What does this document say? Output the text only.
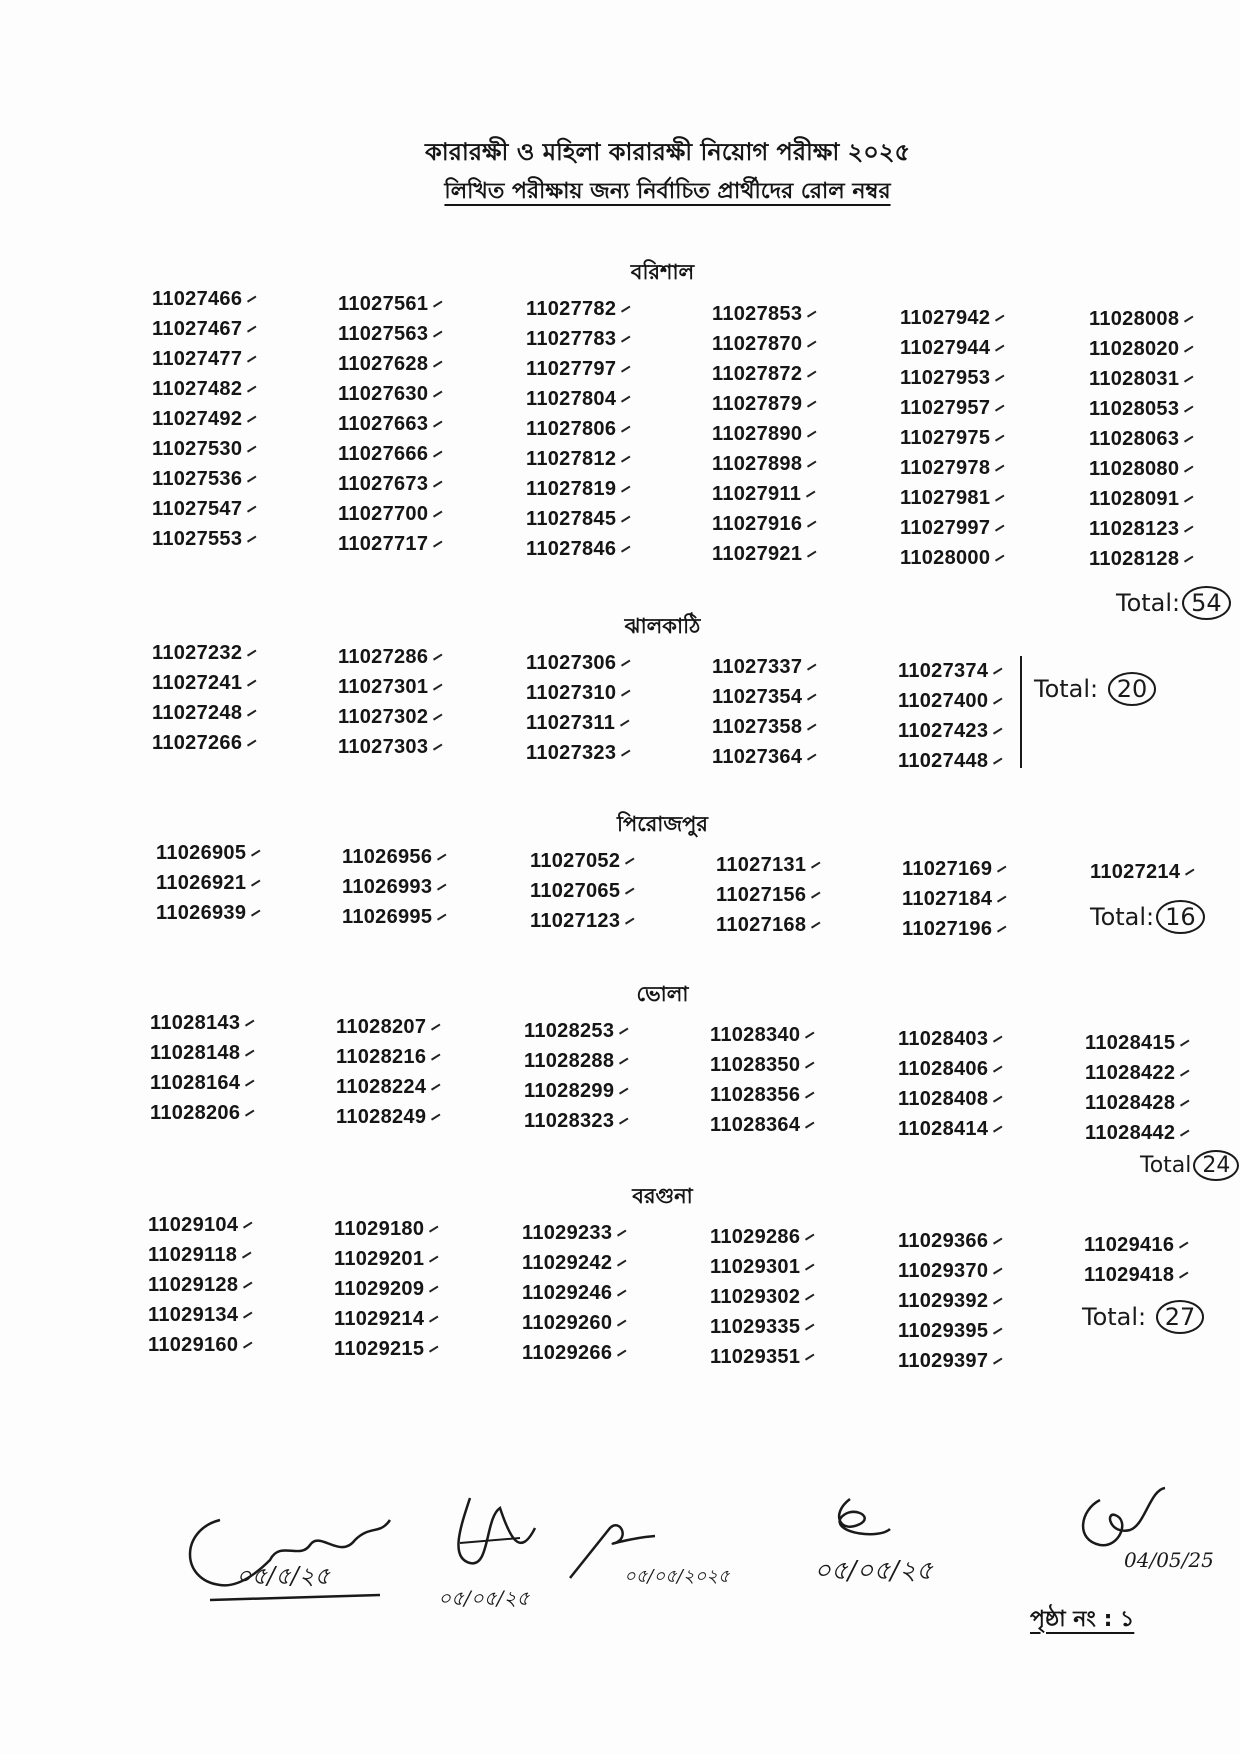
কারারক্ষী ও মহিলা কারারক্ষী নিয়োগ পরীক্ষা ২০২৫
লিখিত পরীক্ষায় জন্য নির্বাচিত প্রার্থীদের রোল নম্বর
বরিশাল
11027466
11027467
11027477
11027482
11027492
11027530
11027536
11027547
11027553
11027561
11027563
11027628
11027630
11027663
11027666
11027673
11027700
11027717
11027782
11027783
11027797
11027804
11027806
11027812
11027819
11027845
11027846
11027853
11027870
11027872
11027879
11027890
11027898
11027911
11027916
11027921
11027942
11027944
11027953
11027957
11027975
11027978
11027981
11027997
11028000
11028008
11028020
11028031
11028053
11028063
11028080
11028091
11028123
11028128
Total: 54
ঝালকাঠি
11027232
11027241
11027248
11027266
11027286
11027301
11027302
11027303
11027306
11027310
11027311
11027323
11027337
11027354
11027358
11027364
11027374
11027400
11027423
11027448
Total: 20
পিরোজপুর
11026905
11026921
11026939
11026956
11026993
11026995
11027052
11027065
11027123
11027131
11027156
11027168
11027169
11027184
11027196
11027214
Total: 16
ভোলা
11028143
11028148
11028164
11028206
11028207
11028216
11028224
11028249
11028253
11028288
11028299
11028323
11028340
11028350
11028356
11028364
11028403
11028406
11028408
11028414
11028415
11028422
11028428
11028442
Total 24
বরগুনা
11029104
11029118
11029128
11029134
11029160
11029180
11029201
11029209
11029214
11029215
11029233
11029242
11029246
11029260
11029266
11029286
11029301
11029302
11029335
11029351
11029366
11029370
11029392
11029395
11029397
11029416
11029418
Total: 27
০৫/৫/২৫
০৫/০৫/২৫
০৫/০৫/২০২৫	০৫/০৫/২৫	04/05/25
পৃষ্ঠা নং : ১
